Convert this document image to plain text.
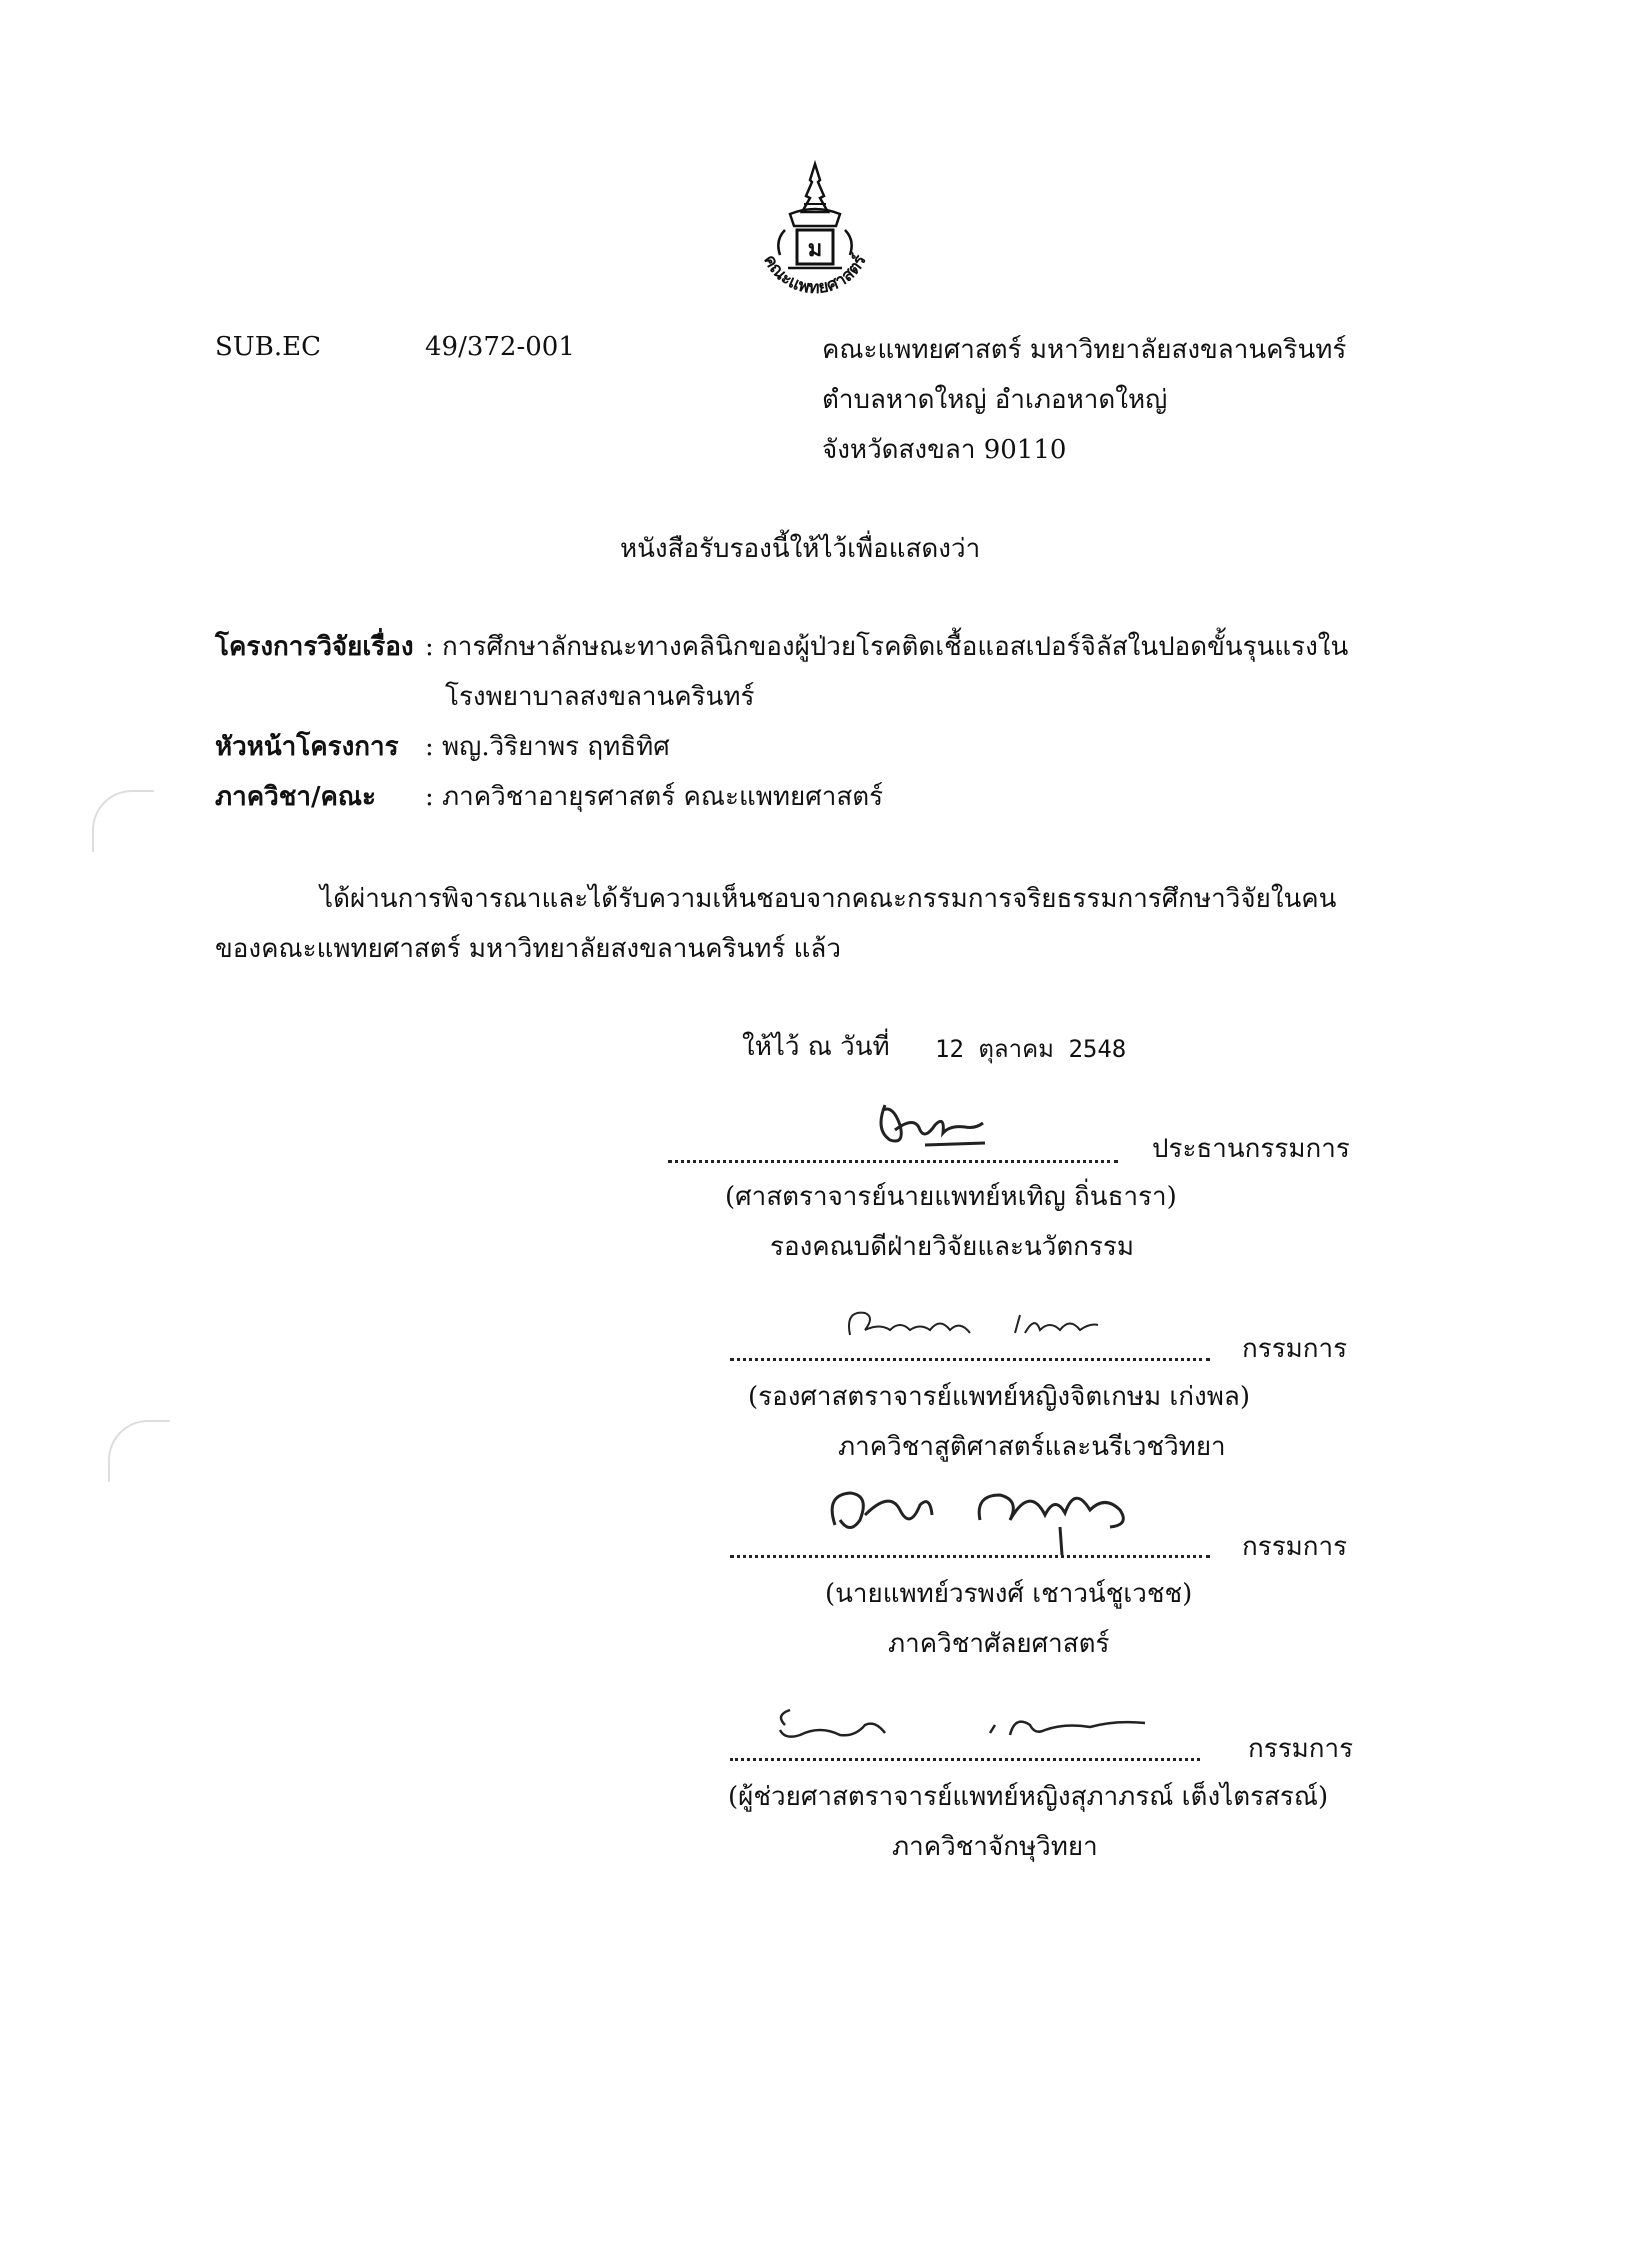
ม
คณะแพทยศาสตร์
SUB.EC	49/372-001	คณะแพทยศาสตร์ มหาวิทยาลัยสงขลานครินทร์
ตำบลหาดใหญ่ อำเภอหาดใหญ่
จังหวัดสงขลา 90110
หนังสือรับรองนี้ให้ไว้เพื่อแสดงว่า
โครงการวิจัยเรื่อง : การศึกษาลักษณะทางคลินิกของผู้ป่วยโรคติดเชื้อแอสเปอร์จิลัสในปอดขั้นรุนแรงใน
โรงพยาบาลสงขลานครินทร์
หัวหน้าโครงการ : พญ.วิริยาพร ฤทธิทิศ
ภาควิชา/คณะ : ภาควิชาอายุรศาสตร์ คณะแพทยศาสตร์
ได้ผ่านการพิจารณาและได้รับความเห็นชอบจากคณะกรรมการจริยธรรมการศึกษาวิจัยในคน
ของคณะแพทยศาสตร์ มหาวิทยาลัยสงขลานครินทร์ แล้ว
ให้ไว้ ณ วันที่ 12 ตุลาคม 2548
ประธานกรรมการ
(ศาสตราจารย์นายแพทย์หเทิญ ถิ่นธารา)
รองคณบดีฝ่ายวิจัยและนวัตกรรม
กรรมการ
(รองศาสตราจารย์แพทย์หญิงจิตเกษม เก่งพล)
ภาควิชาสูติศาสตร์และนรีเวชวิทยา
กรรมการ
(นายแพทย์วรพงศ์ เชาวน์ชูเวชช)
ภาควิชาศัลยศาสตร์
กรรมการ
(ผู้ช่วยศาสตราจารย์แพทย์หญิงสุภาภรณ์ เต็งไตรสรณ์)
ภาควิชาจักษุวิทยา
